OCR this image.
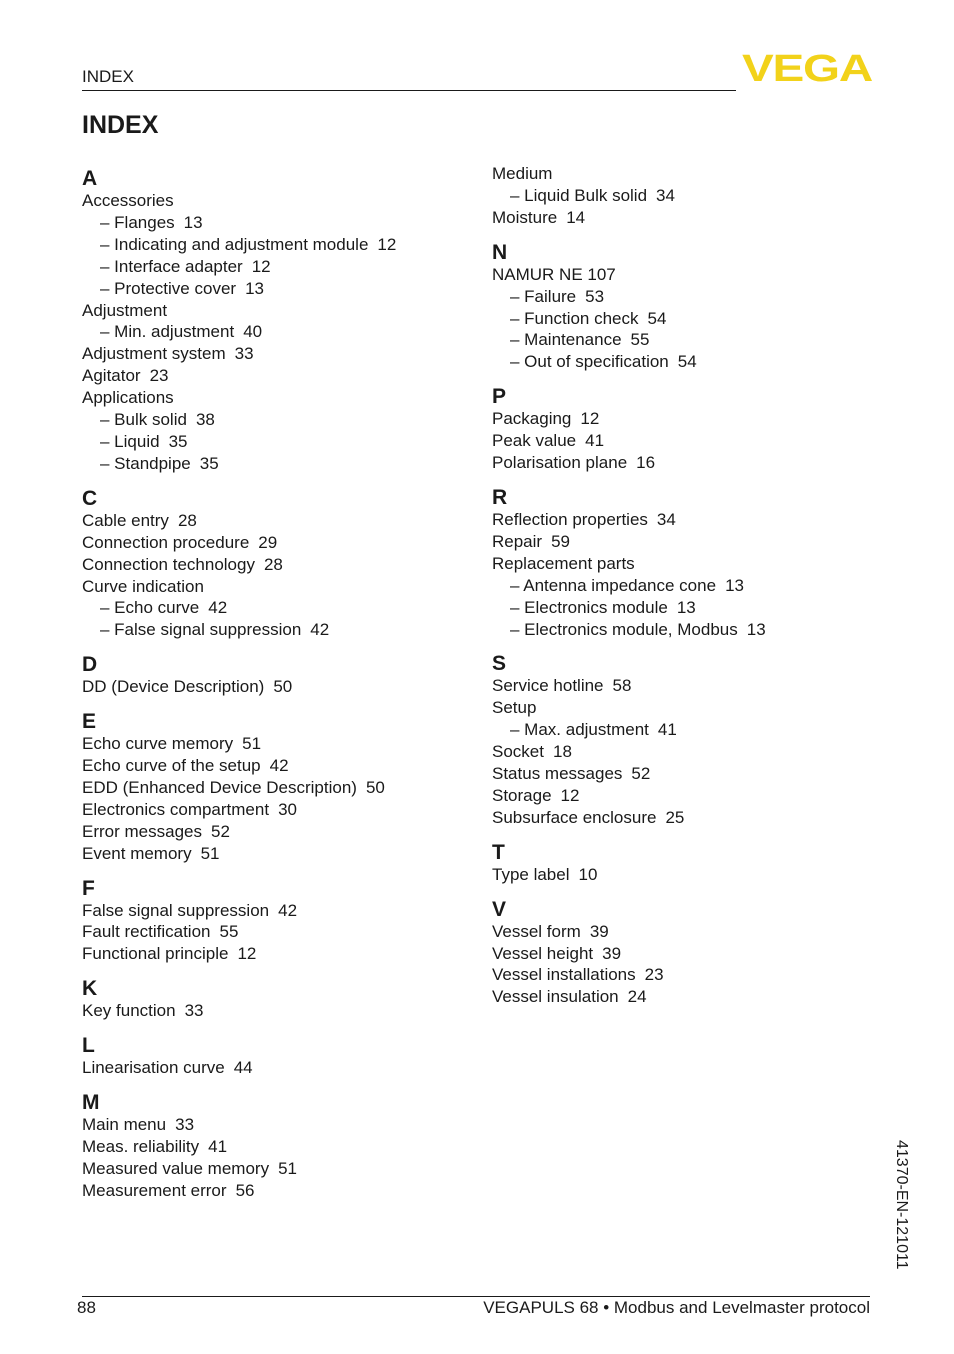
INDEX	VEGA
INDEX
A
Accessories
– Flanges 13
– Indicating and adjustment module 12
– Interface adapter 12
– Protective cover 13
Adjustment
– Min. adjustment 40
Adjustment system 33
Agitator 23
Applications
– Bulk solid 38
– Liquid 35
– Standpipe 35
C
Cable entry 28
Connection procedure 29
Connection technology 28
Curve indication
– Echo curve 42
– False signal suppression 42
D
DD (Device Description) 50
E
Echo curve memory 51
Echo curve of the setup 42
EDD (Enhanced Device Description) 50
Electronics compartment 30
Error messages 52
Event memory 51
F
False signal suppression 42
Fault rectification 55
Functional principle 12
K
Key function 33
L
Linearisation curve 44
M
Main menu 33
Meas. reliability 41
Measured value memory 51
Measurement error 56
Medium
– Liquid Bulk solid 34
Moisture 14
N
NAMUR NE 107
– Failure 53
– Function check 54
– Maintenance 55
– Out of specification 54
P
Packaging 12
Peak value 41
Polarisation plane 16
R
Reflection properties 34
Repair 59
Replacement parts
– Antenna impedance cone 13
– Electronics module 13
– Electronics module, Modbus 13
S
Service hotline 58
Setup
– Max. adjustment 41
Socket 18
Status messages 52
Storage 12
Subsurface enclosure 25
T
Type label 10
V
Vessel form 39
Vessel height 39
Vessel installations 23
Vessel insulation 24
88	VEGAPULS 68 • Modbus and Levelmaster protocol
41370-EN-121011
